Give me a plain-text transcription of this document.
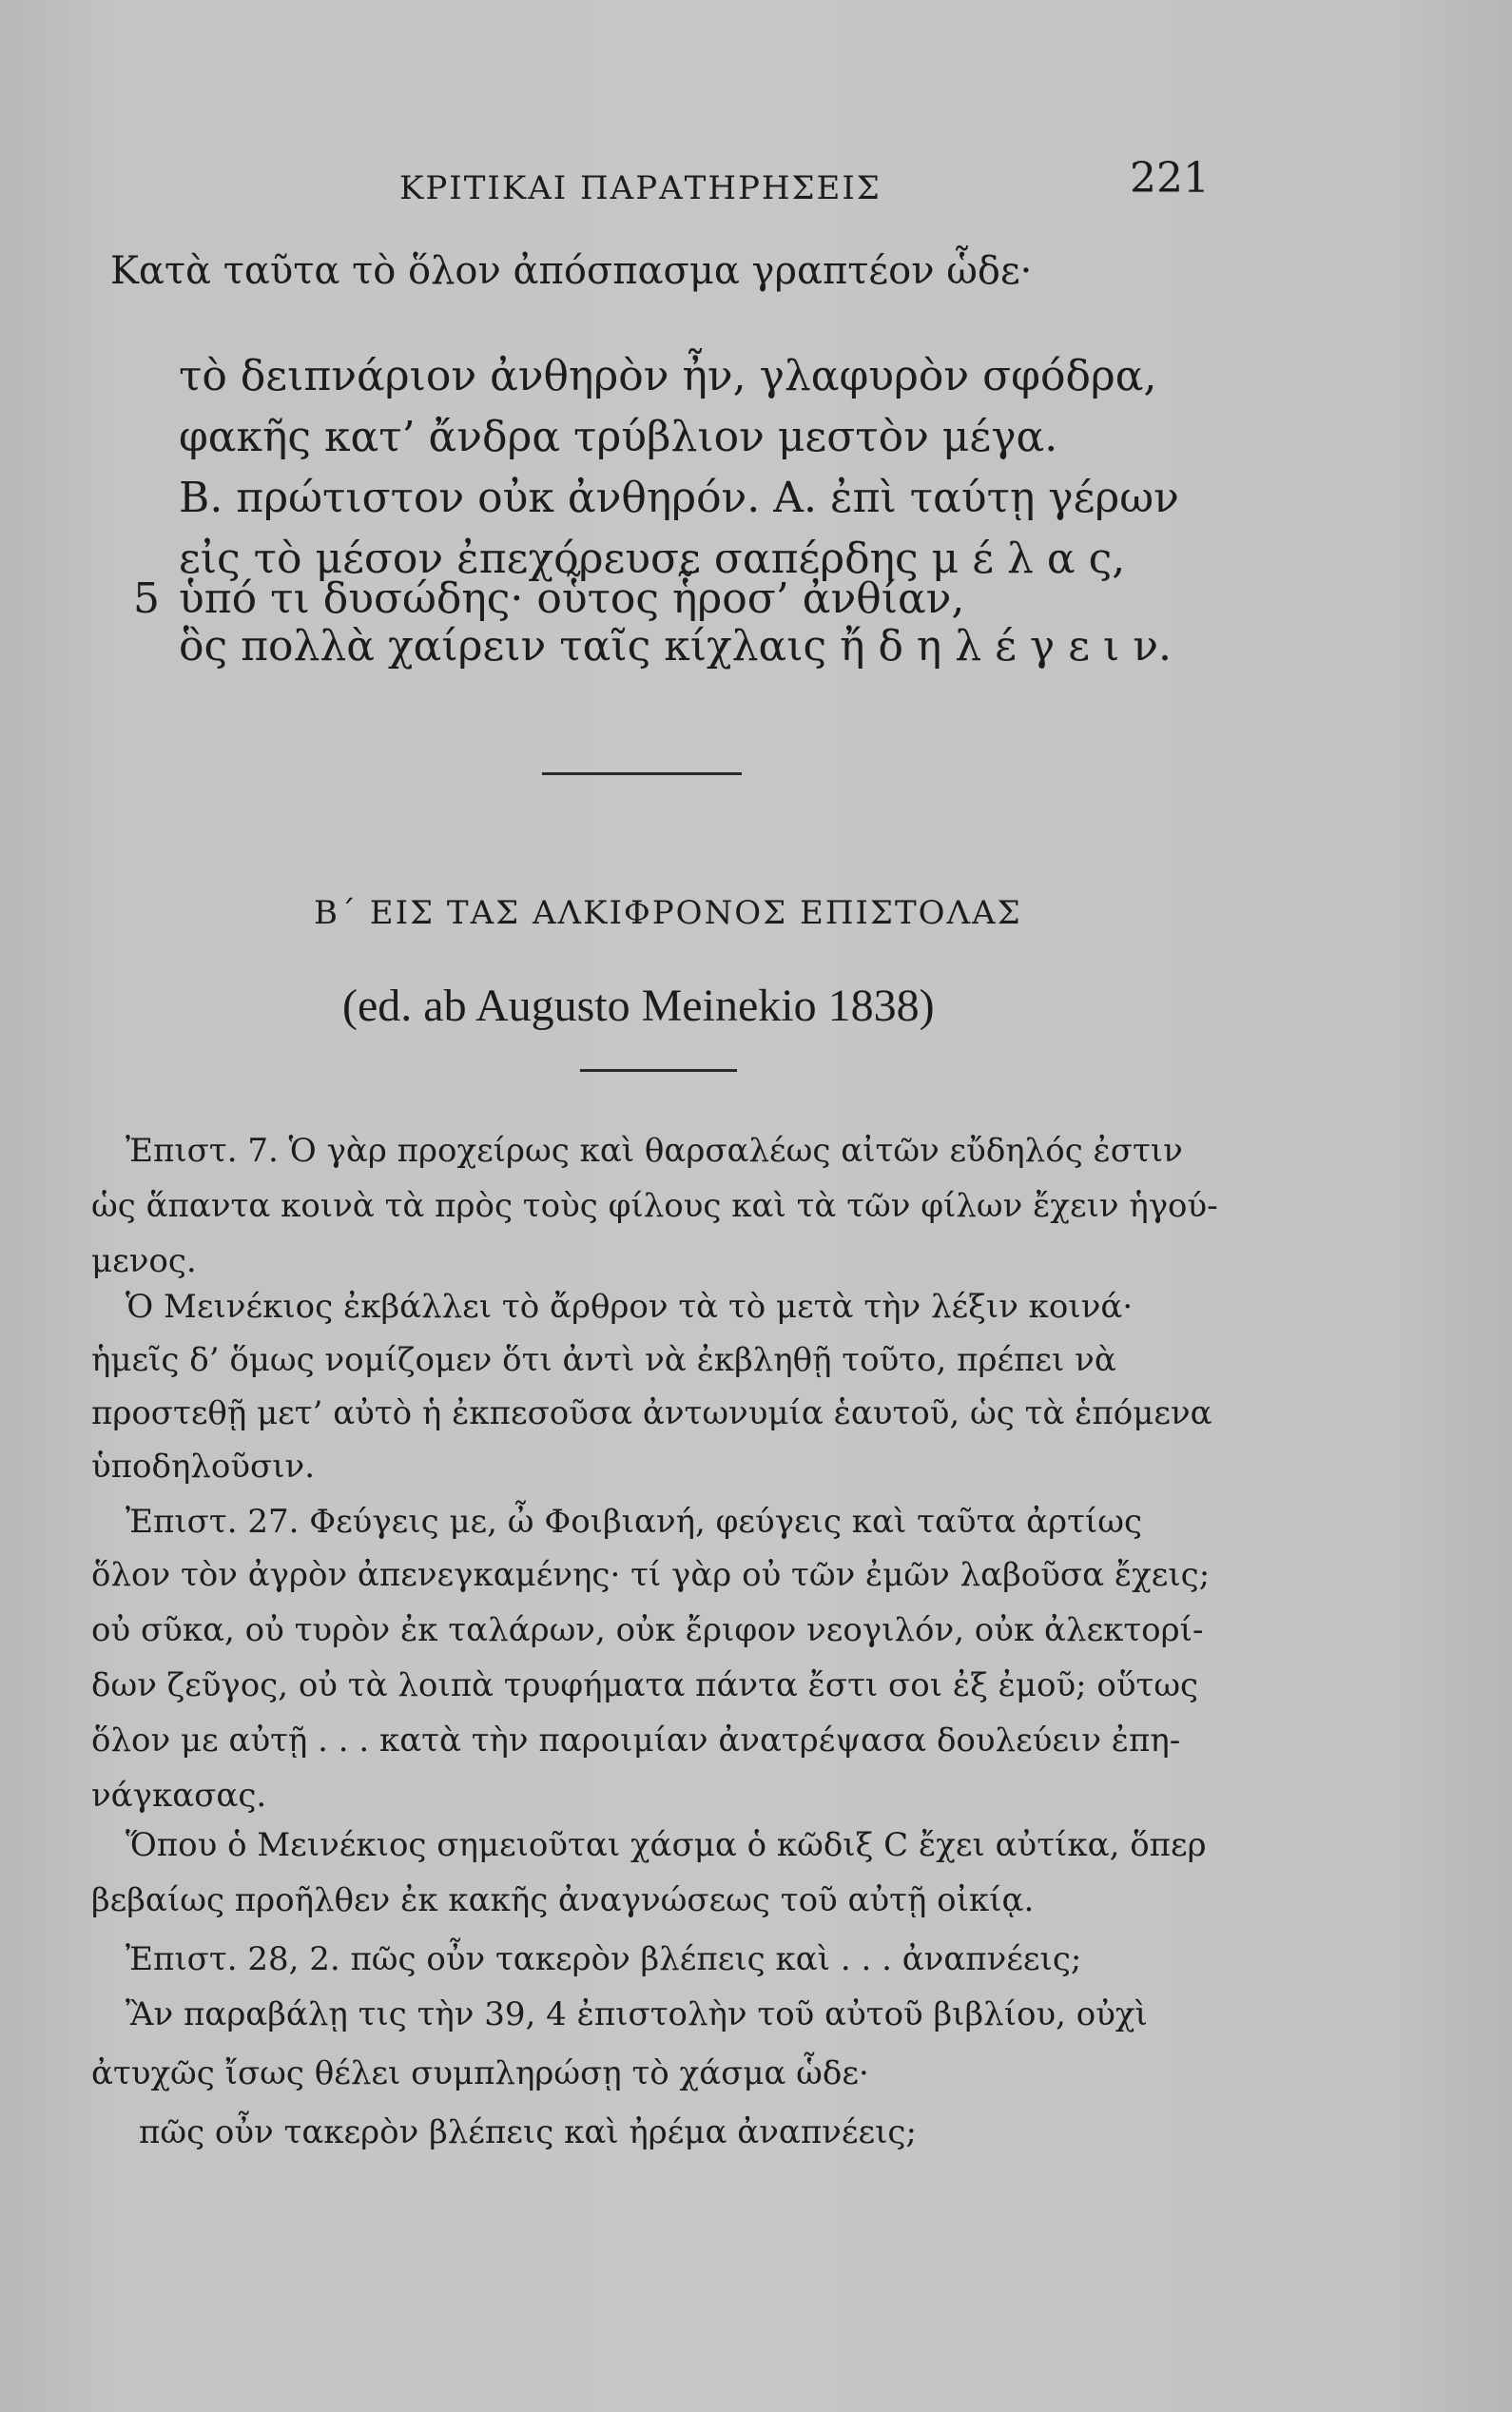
ΚΡΙΤΙΚΑΙ ΠΑΡΑΤΗΡΗΣΕΙΣ	221
Κατὰ ταῦτα τὸ ὅλον ἀπόσπασμα γραπτέον ὧδε·
τὸ δειπνάριον ἀνθηρὸν ἦν, γλαφυρὸν σφόδρα,
φακῆς κατ’ ἄνδρα τρύβλιον μεστὸν μέγα.
Β. πρώτιστον οὐκ ἀνθηρόν. Α. ἐπὶ ταύτῃ γέρων
εἰς τὸ μέσον ἐπεχόρευσε σαπέρδης μ έ λ α ς,
5 ὑπό τι δυσώδης· οὗτος ἧροσ’ ἀνθίαν,
ὃς πολλὰ χαίρειν ταῖς κίχλαις ἤ δ η λ έ γ ε ι ν.
Β΄ ΕΙΣ ΤΑΣ ΑΛΚΙΦΡΟΝΟΣ ΕΠΙΣΤΟΛΑΣ
(ed. ab Augusto Meinekio 1838)
Ἐπιστ. 7. Ὁ γὰρ προχείρως καὶ θαρσαλέως αἰτῶν εὔδηλός ἐστιν
ὡς ἅπαντα κοινὰ τὰ πρὸς τοὺς φίλους καὶ τὰ τῶν φίλων ἔχειν ἡγού-
μενος.
Ὁ Μεινέκιος ἐκβάλλει τὸ ἄρθρον τὰ τὸ μετὰ τὴν λέξιν κοινά·
ἡμεῖς δ’ ὅμως νομίζομεν ὅτι ἀντὶ νὰ ἐκβληθῇ τοῦτο, πρέπει νὰ
προστεθῇ μετ’ αὐτὸ ἡ ἐκπεσοῦσα ἀντωνυμία ἑαυτοῦ, ὡς τὰ ἑπόμενα
ὑποδηλοῦσιν.
Ἐπιστ. 27. Φεύγεις με, ὦ Φοιβιανή, φεύγεις καὶ ταῦτα ἀρτίως
ὅλον τὸν ἀγρὸν ἀπενεγκαμένης· τί γὰρ οὐ τῶν ἐμῶν λαβοῦσα ἔχεις;
οὐ σῦκα, οὐ τυρὸν ἐκ ταλάρων, οὐκ ἔριφον νεογιλόν, οὐκ ἀλεκτορί-
δων ζεῦγος, οὐ τὰ λοιπὰ τρυφήματα πάντα ἔστι σοι ἐξ ἐμοῦ; οὕτως
ὅλον με αὐτῇ . . . κατὰ τὴν παροιμίαν ἀνατρέψασα δουλεύειν ἐπη-
νάγκασας.
Ὅπου ὁ Μεινέκιος σημειοῦται χάσμα ὁ κῶδιξ C ἔχει αὐτίκα, ὅπερ
βεβαίως προῆλθεν ἐκ κακῆς ἀναγνώσεως τοῦ αὐτῇ οἰκίᾳ.
Ἐπιστ. 28, 2. πῶς οὖν τακερὸν βλέπεις καὶ . . . ἀναπνέεις;
Ἂν παραβάλῃ τις τὴν 39, 4 ἐπιστολὴν τοῦ αὐτοῦ βιβλίου, οὐχὶ
ἀτυχῶς ἴσως θέλει συμπληρώσῃ τὸ χάσμα ὧδε·
πῶς οὖν τακερὸν βλέπεις καὶ ἠρέμα ἀναπνέεις;
